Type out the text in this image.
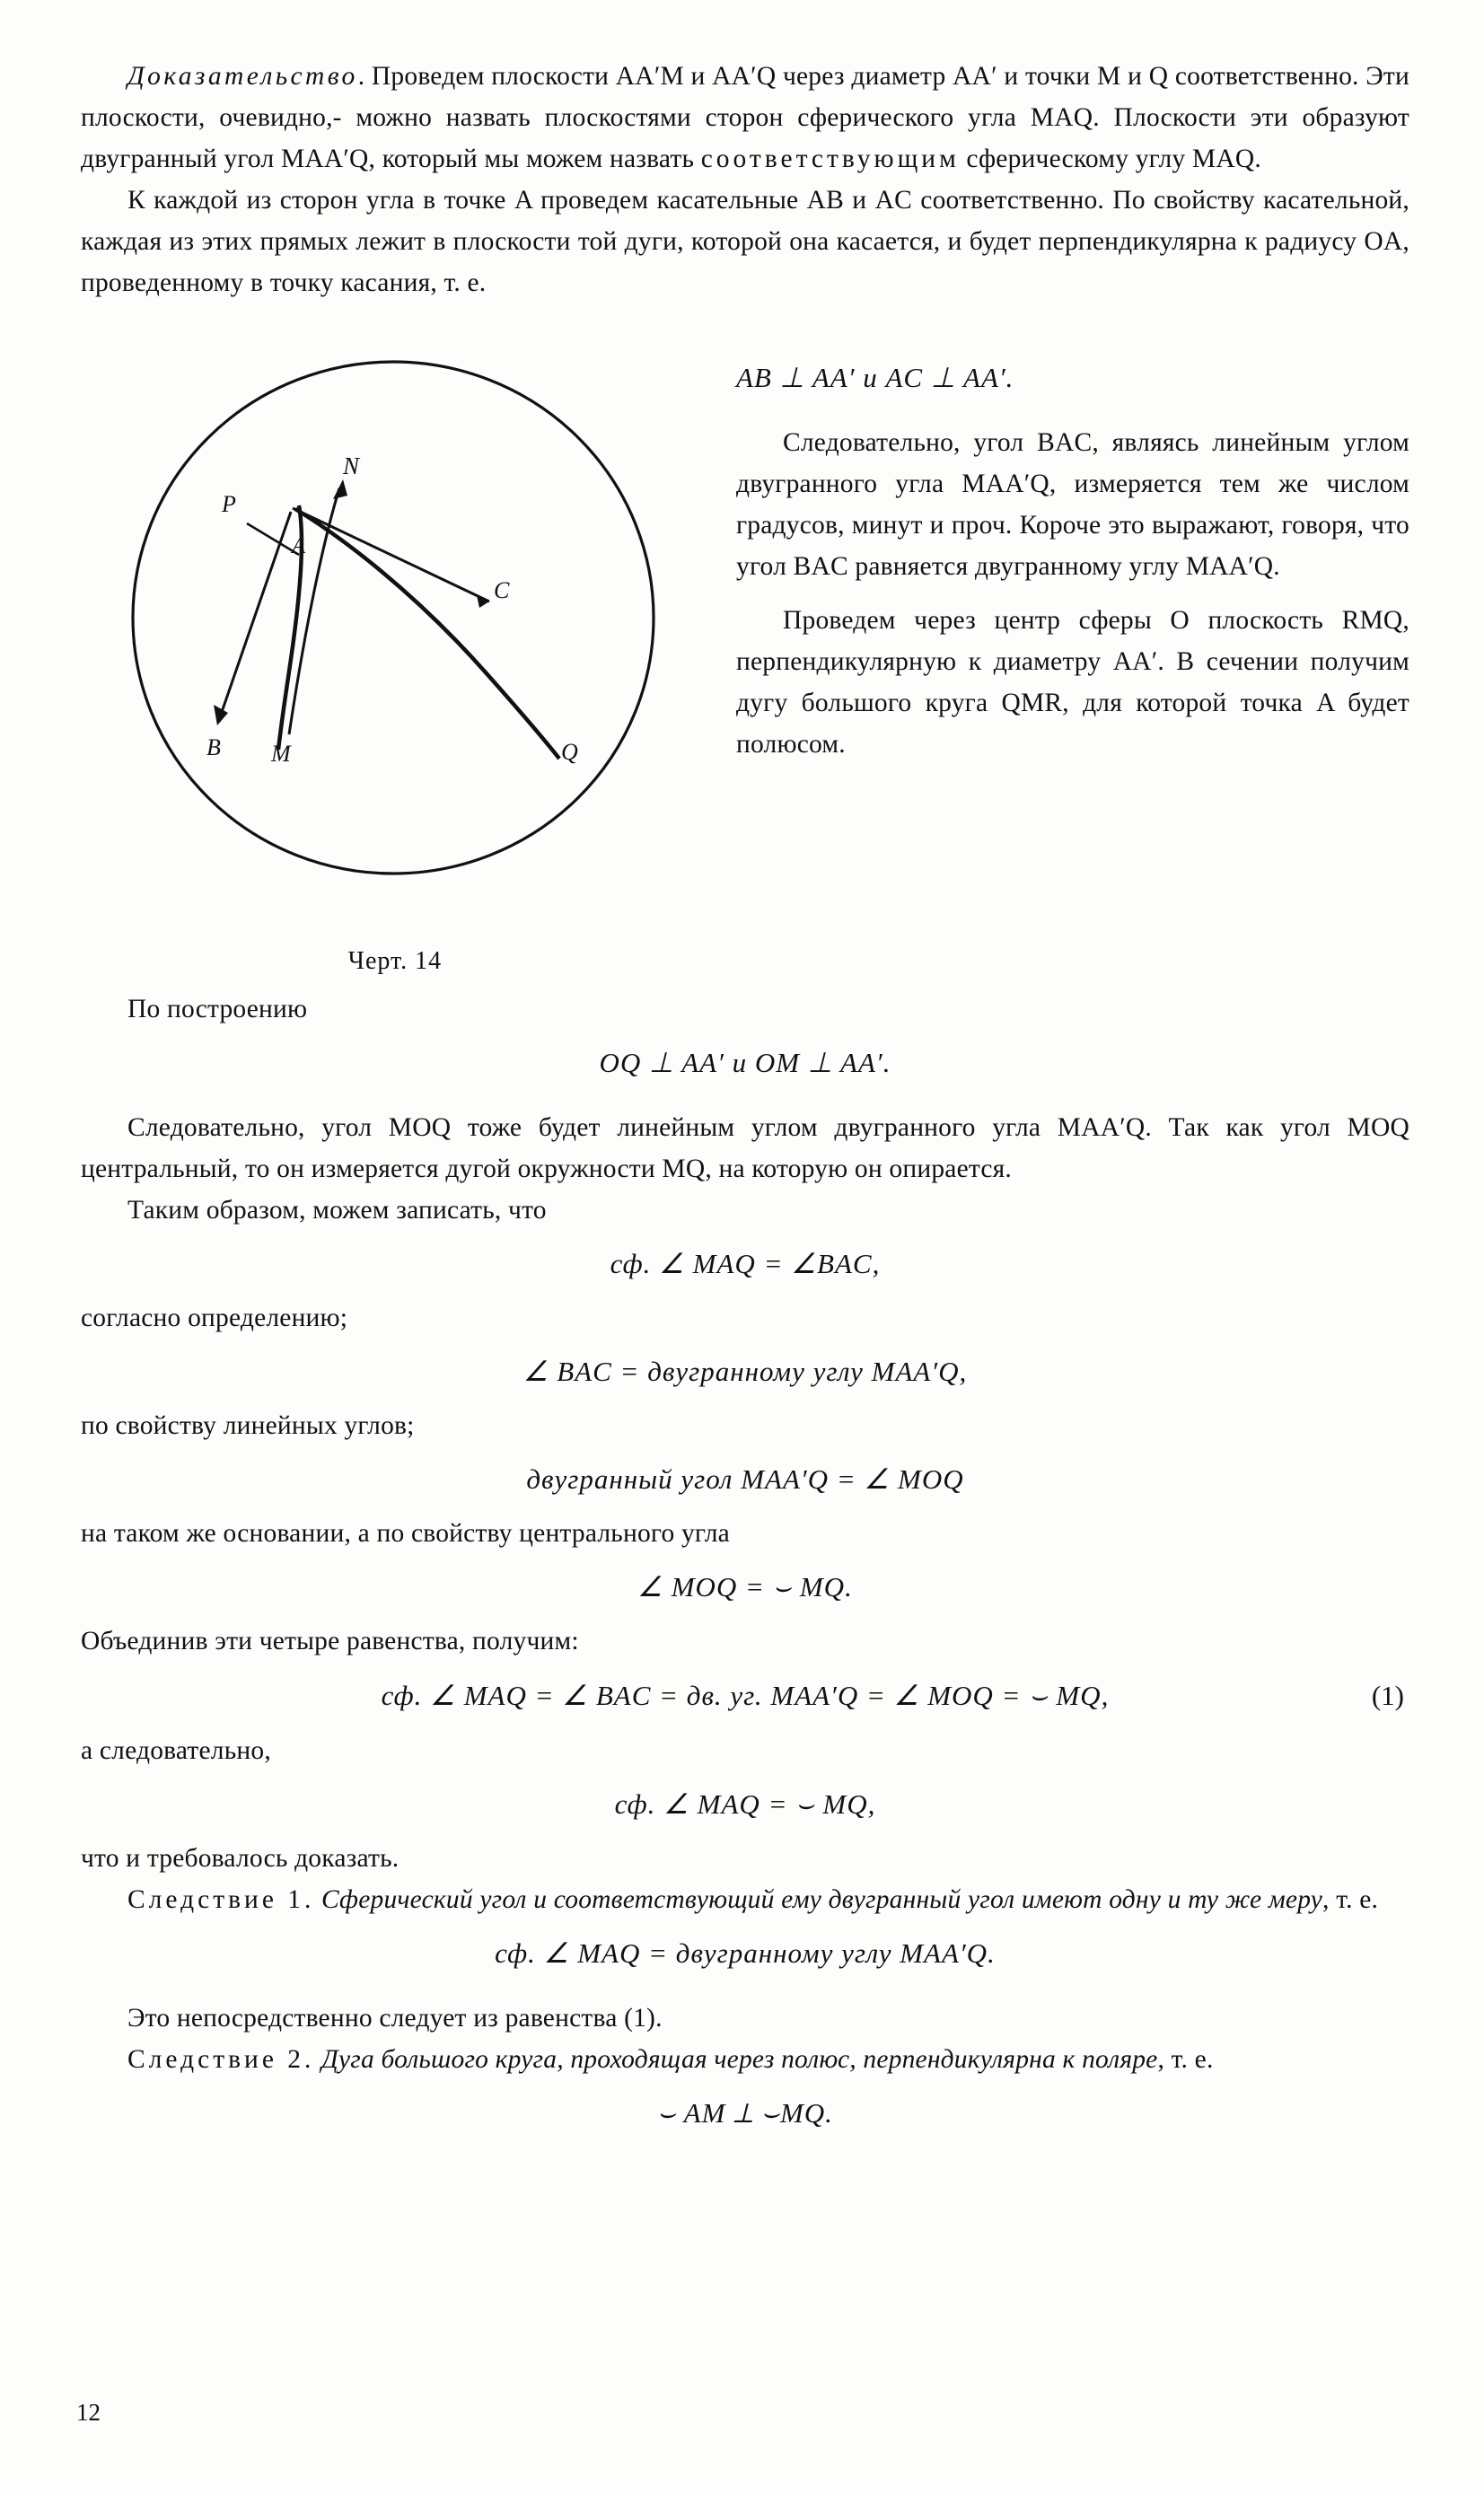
Доказательство. Проведем плоскости AA′M и AA′Q через диаметр AA′ и точки M и Q соответственно. Эти плоскости, очевидно,- можно назвать плоскостями сторон сферического угла MAQ. Плоскости эти образуют двугранный угол MAA′Q, который мы можем назвать соответствующим сферическому углу MAQ.

К каждой из сторон угла в точке A проведем касательные AB и AC соответственно. По свойству касательной, каждая из этих прямых лежит в плоскости той дуги, которой она касается, и будет перпендикулярна к радиусу OA, проведенному в точку касания, т. е.

N
P
A
C
B M	Q
Черт. 14

AB ⊥ AA′ и AC ⊥ AA′.

Следовательно, угол BAC, являясь линейным углом двугранного угла MAA′Q, измеряется тем же числом градусов, минут и проч. Короче это выражают, говоря, что угол BAC равняется двугранному углу MAA′Q.

Проведем через центр сферы O плоскость RMQ, перпендикулярную к диаметру AA′. В сечении получим дугу большого круга QMR, для которой точка A будет полюсом.

По построению

OQ ⊥ AA′ и OM ⊥ AA′.

Следовательно, угол MOQ тоже будет линейным углом двугранного угла MAA′Q. Так как угол MOQ центральный, то он измеряется дугой окружности MQ, на которую он опирается.

Таким образом, можем записать, что

сф. ∠ MAQ = ∠BAC,

согласно определению;

∠ BAC = двугранному углу MAA′Q,

по свойству линейных углов;

двугранный угол MAA′Q = ∠ MOQ

на таком же основании, а по свойству центрального угла

∠ MOQ = ⌣ MQ.

Объединив эти четыре равенства, получим:

сф. ∠ MAQ = ∠ BAC = дв. уг. MAA′Q = ∠ MOQ = ⌣ MQ,	(1)

а следовательно,

сф. ∠ MAQ = ⌣ MQ,

что и требовалось доказать.

Следствие 1. Сферический угол и соответствующий ему двугранный угол имеют одну и ту же меру, т. е.

сф. ∠ MAQ = двугранному углу MAA′Q.

Это непосредственно следует из равенства (1).

Следствие 2. Дуга большого круга, проходящая через полюс, перпендикулярна к поляре, т. е.

⌣ AM ⊥ ⌣MQ.

12
